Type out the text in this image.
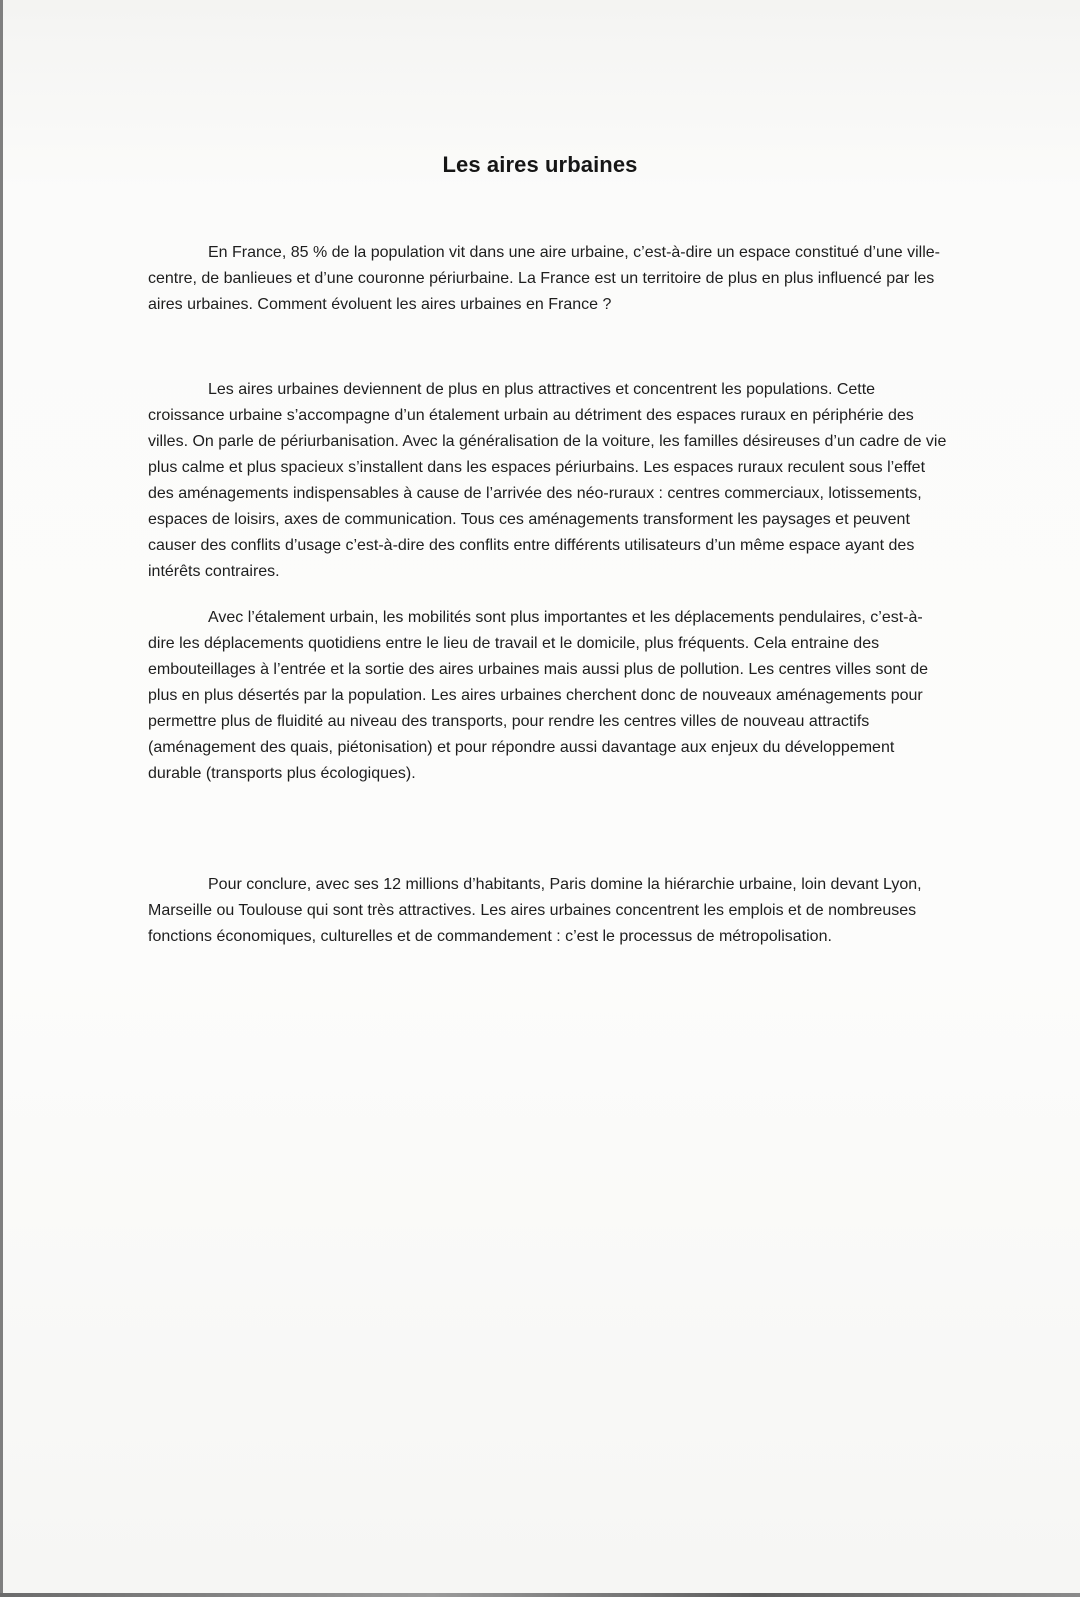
Les aires urbaines

En France, 85 % de la population vit dans une aire urbaine, c’est-à-dire un espace constitué d’une ville-centre, de banlieues et d’une couronne périurbaine. La France est un territoire de plus en plus influencé par les aires urbaines. Comment évoluent les aires urbaines en France ?

Les aires urbaines deviennent de plus en plus attractives et concentrent les populations. Cette croissance urbaine s’accompagne d’un étalement urbain au détriment des espaces ruraux en périphérie des villes. On parle de périurbanisation. Avec la généralisation de la voiture, les familles désireuses d’un cadre de vie plus calme et plus spacieux s’installent dans les espaces périurbains. Les espaces ruraux reculent sous l’effet des aménagements indispensables à cause de l’arrivée des néo-ruraux : centres commerciaux, lotissements, espaces de loisirs, axes de communication. Tous ces aménagements transforment les paysages et peuvent causer des conflits d’usage c’est-à-dire des conflits entre différents utilisateurs d’un même espace ayant des intérêts contraires.

Avec l’étalement urbain, les mobilités sont plus importantes et les déplacements pendulaires, c’est-à-dire les déplacements quotidiens entre le lieu de travail et le domicile, plus fréquents. Cela entraine des embouteillages à l’entrée et la sortie des aires urbaines mais aussi plus de pollution. Les centres villes sont de plus en plus désertés par la population. Les aires urbaines cherchent donc de nouveaux aménagements pour permettre plus de fluidité au niveau des transports, pour rendre les centres villes de nouveau attractifs (aménagement des quais, piétonisation) et pour répondre aussi davantage aux enjeux du développement durable (transports plus écologiques).

Pour conclure, avec ses 12 millions d’habitants, Paris domine la hiérarchie urbaine, loin devant Lyon, Marseille ou Toulouse qui sont très attractives. Les aires urbaines concentrent les emplois et de nombreuses fonctions économiques, culturelles et de commandement : c’est le processus de métropolisation.
